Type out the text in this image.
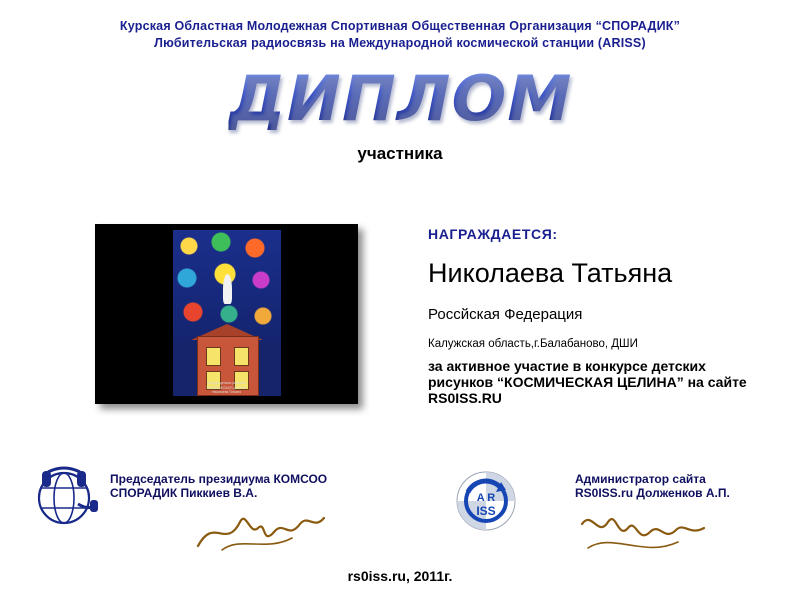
Курская Областная Молодежная Спортивная Общественная Организация “СПОРАДИК”
Любительская радиосвязь на Международной космической станции (ARISS)
ДИПЛОМ
участника
Конкурс детских рисунков
"КОСМИЧЕСКАЯ ЦЕЛИНА"
Николаева Татьяна
НАГРАЖДАЕТСЯ:
Николаева Татьяна
Россйская Федерация
Калужская область,г.Балабаново, ДШИ
за активное участие в конкурсе детских рисунков “КОСМИЧЕСКАЯ ЦЕЛИНА” на сайте RS0ISS.RU
Председатель президиума КОМСОО
СПОРАДИК Пиккиев В.А.	A R
ISS
Администратор сайта
RS0ISS.ru Долженков А.П.
rs0iss.ru, 2011г.
